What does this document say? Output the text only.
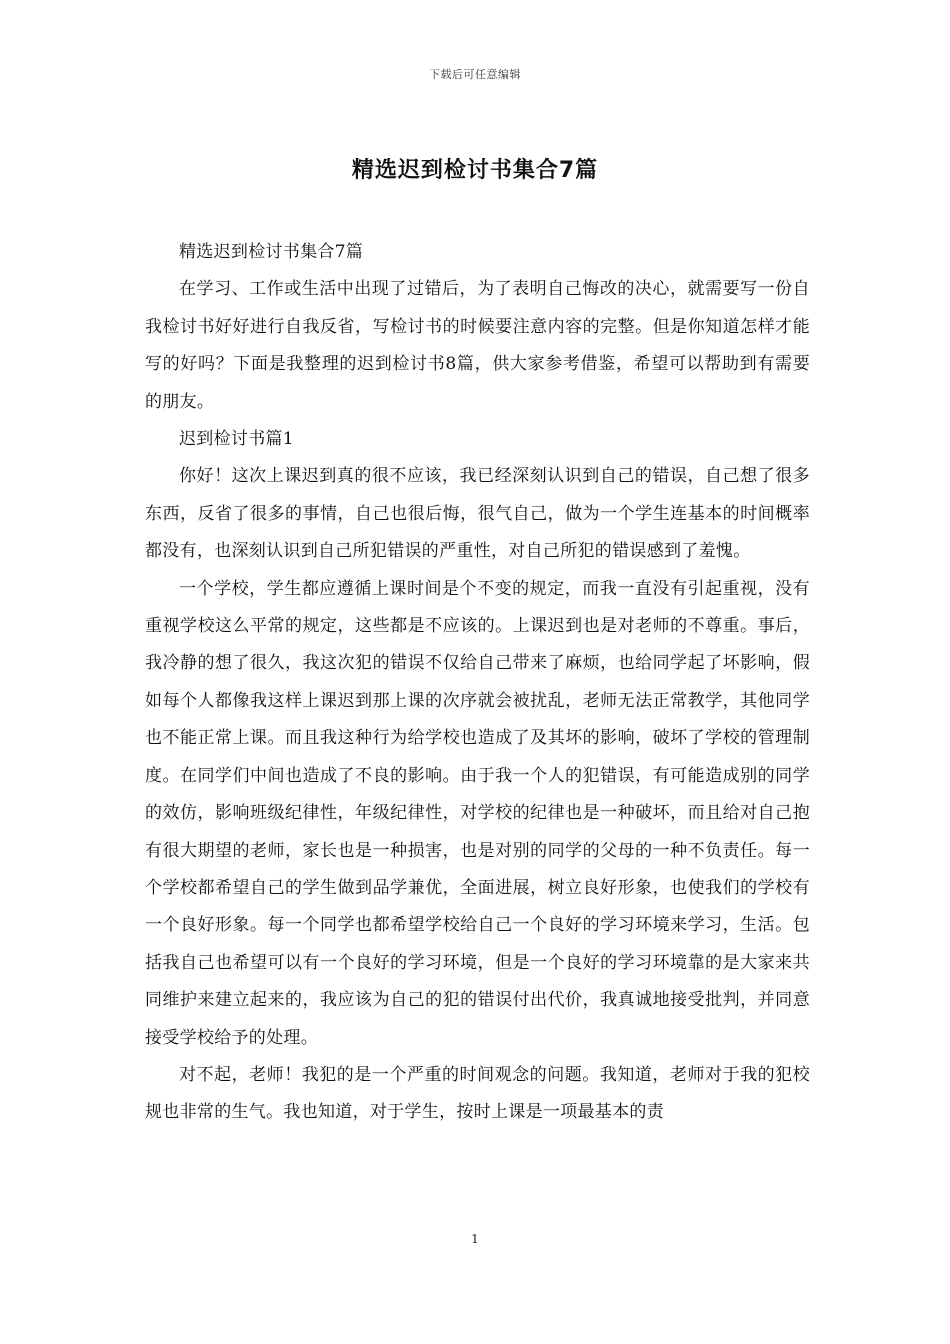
下载后可任意编辑
精选迟到检讨书集合7篇

精选迟到检讨书集合7篇

在学习、工作或生活中出现了过错后，为了表明自己悔改的决心，就需要写一份自我检讨书好好进行自我反省，写检讨书的时候要注意内容的完整。但是你知道怎样才能写的好吗？下面是我整理的迟到检讨书8篇，供大家参考借鉴，希望可以帮助到有需要的朋友。

迟到检讨书篇1

你好！这次上课迟到真的很不应该，我已经深刻认识到自己的错误，自己想了很多东西，反省了很多的事情，自己也很后悔，很气自己，做为一个学生连基本的时间概率都没有，也深刻认识到自己所犯错误的严重性，对自己所犯的错误感到了羞愧。

一个学校，学生都应遵循上课时间是个不变的规定，而我一直没有引起重视，没有重视学校这么平常的规定，这些都是不应该的。上课迟到也是对老师的不尊重。事后，我冷静的想了很久，我这次犯的错误不仅给自己带来了麻烦，也给同学起了坏影响，假如每个人都像我这样上课迟到那上课的次序就会被扰乱，老师无法正常教学，其他同学也不能正常上课。而且我这种行为给学校也造成了及其坏的影响，破坏了学校的管理制度。在同学们中间也造成了不良的影响。由于我一个人的犯错误，有可能造成别的同学的效仿，影响班级纪律性，年级纪律性，对学校的纪律也是一种破坏，而且给对自己抱有很大期望的老师，家长也是一种损害，也是对别的同学的父母的一种不负责任。每一个学校都希望自己的学生做到品学兼优，全面进展，树立良好形象，也使我们的学校有一个良好形象。每一个同学也都希望学校给自己一个良好的学习环境来学习，生活。包括我自己也希望可以有一个良好的学习环境，但是一个良好的学习环境靠的是大家来共同维护来建立起来的，我应该为自己的犯的错误付出代价，我真诚地接受批判，并同意接受学校给予的处理。

对不起，老师！我犯的是一个严重的时间观念的问题。我知道，老师对于我的犯校规也非常的生气。我也知道，对于学生，按时上课是一项最基本的责

1
